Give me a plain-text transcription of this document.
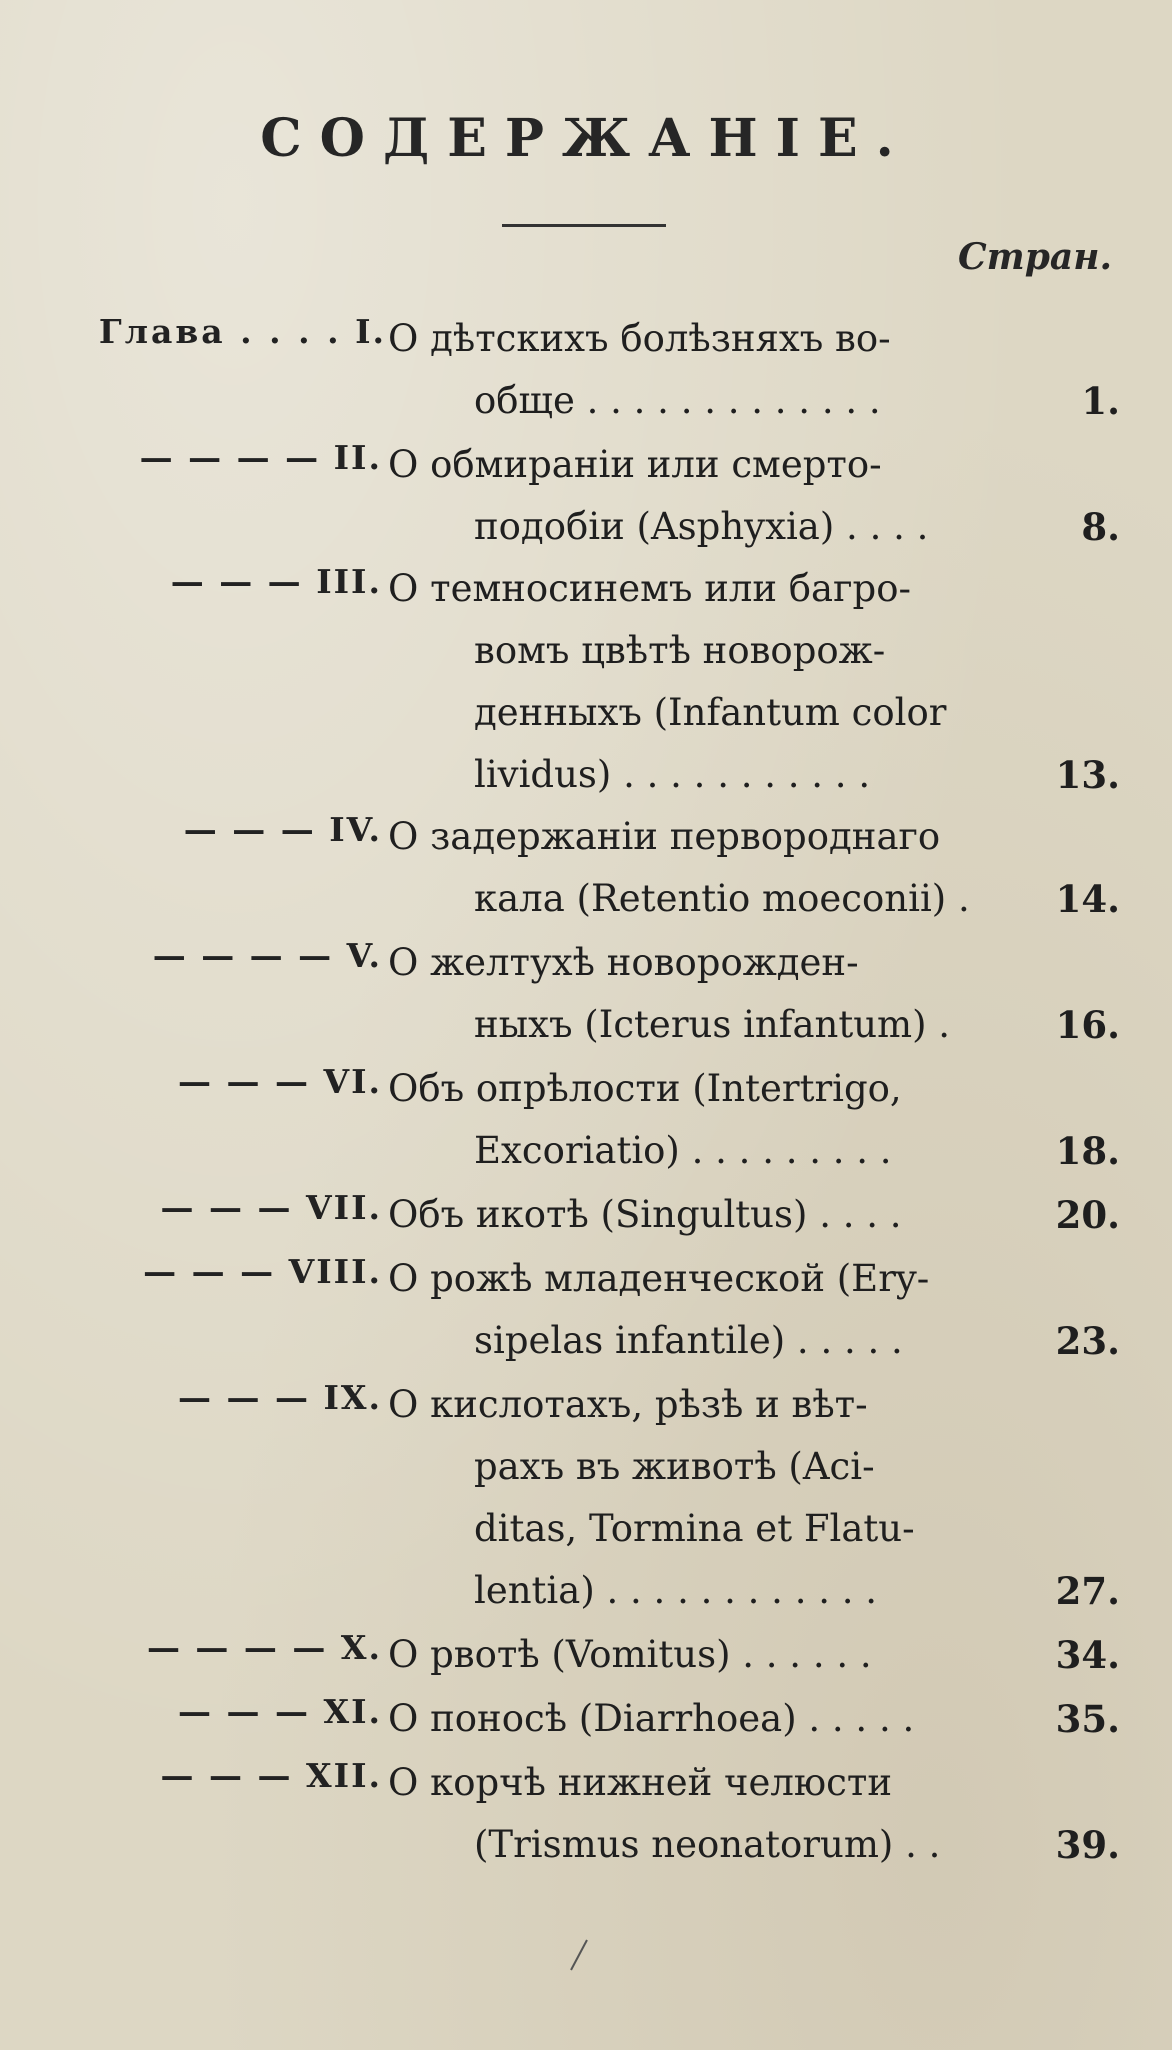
СОДЕРЖАНІЕ.
Стран.
Глава . . . . I. О дѣтскихъ болѣзняхъ во-
обще . . . . . . . . . . . . .	1.
— — — — II. О обмираніи или смерто-
подобіи (Asphyxia) . . . .	8.
— — — III. О темносинемъ или багро-
вомъ цвѣтѣ новорож-
денныхъ (Infantum color
lividus) . . . . . . . . . . .	13.
— — — IV. О задержаніи первороднаго
кала (Retentio moeconii) .	14.
— — — — V. О желтухѣ новорожден-
ныхъ (Icterus infantum) .	16.
— — — VI. Объ опрѣлости (Intertrigo,
Excoriatio) . . . . . . . . .	18.
— — — VII. Объ икотѣ (Singultus) . . . .	20.
— — — VIII. О рожѣ младенческой (Ery-
sipelas infantile) . . . . .	23.
— — — IX. О кислотахъ, рѣзѣ и вѣт-
рахъ въ животѣ (Aci-
ditas, Tormina et Flatu-
lentia) . . . . . . . . . . . .	27.
— — — — X. О рвотѣ (Vomitus) . . . . . .	34.
— — — XI. О поносѣ (Diarrhoea) . . . . .	35.
— — — XII. О корчѣ нижней челюсти
(Trismus neonatorum) . .	39.
